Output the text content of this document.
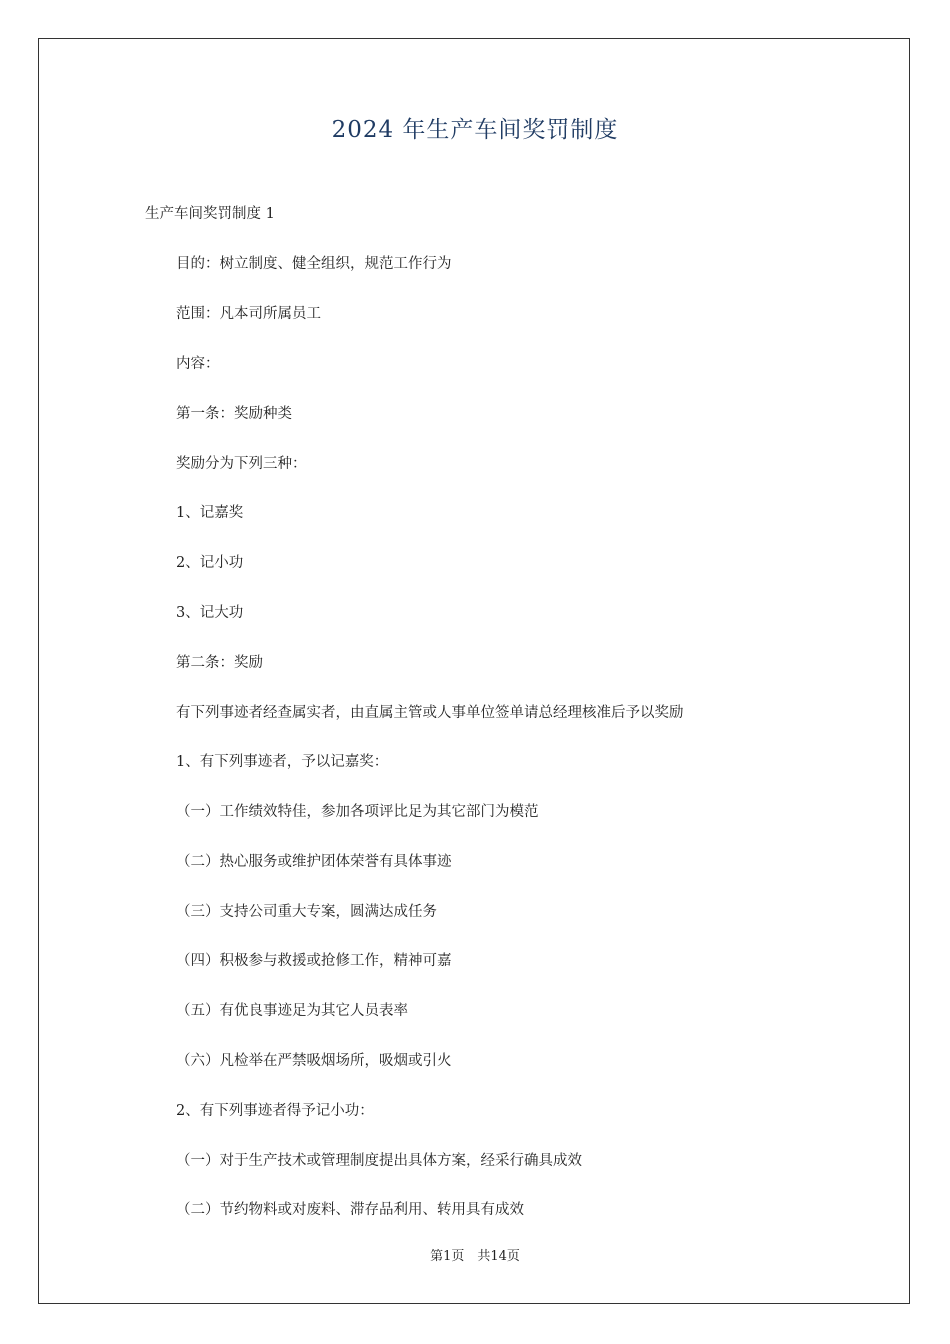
2024 年生产车间奖罚制度
生产车间奖罚制度 1
目的：树立制度、健全组织，规范工作行为
范围：凡本司所属员工
内容：
第一条：奖励种类
奖励分为下列三种：
1、记嘉奖
2、记小功
3、记大功
第二条：奖励
有下列事迹者经查属实者，由直属主管或人事单位签单请总经理核准后予以奖励
1、有下列事迹者，予以记嘉奖：
（一）工作绩效特佳，参加各项评比足为其它部门为模范
（二）热心服务或维护团体荣誉有具体事迹
（三）支持公司重大专案，圆满达成任务
（四）积极参与救援或抢修工作，精神可嘉
（五）有优良事迹足为其它人员表率
（六）凡检举在严禁吸烟场所，吸烟或引火
2、有下列事迹者得予记小功：
（一）对于生产技术或管理制度提出具体方案，经采行确具成效
（二）节约物料或对废料、滞存品利用、转用具有成效
第1页　共14页
